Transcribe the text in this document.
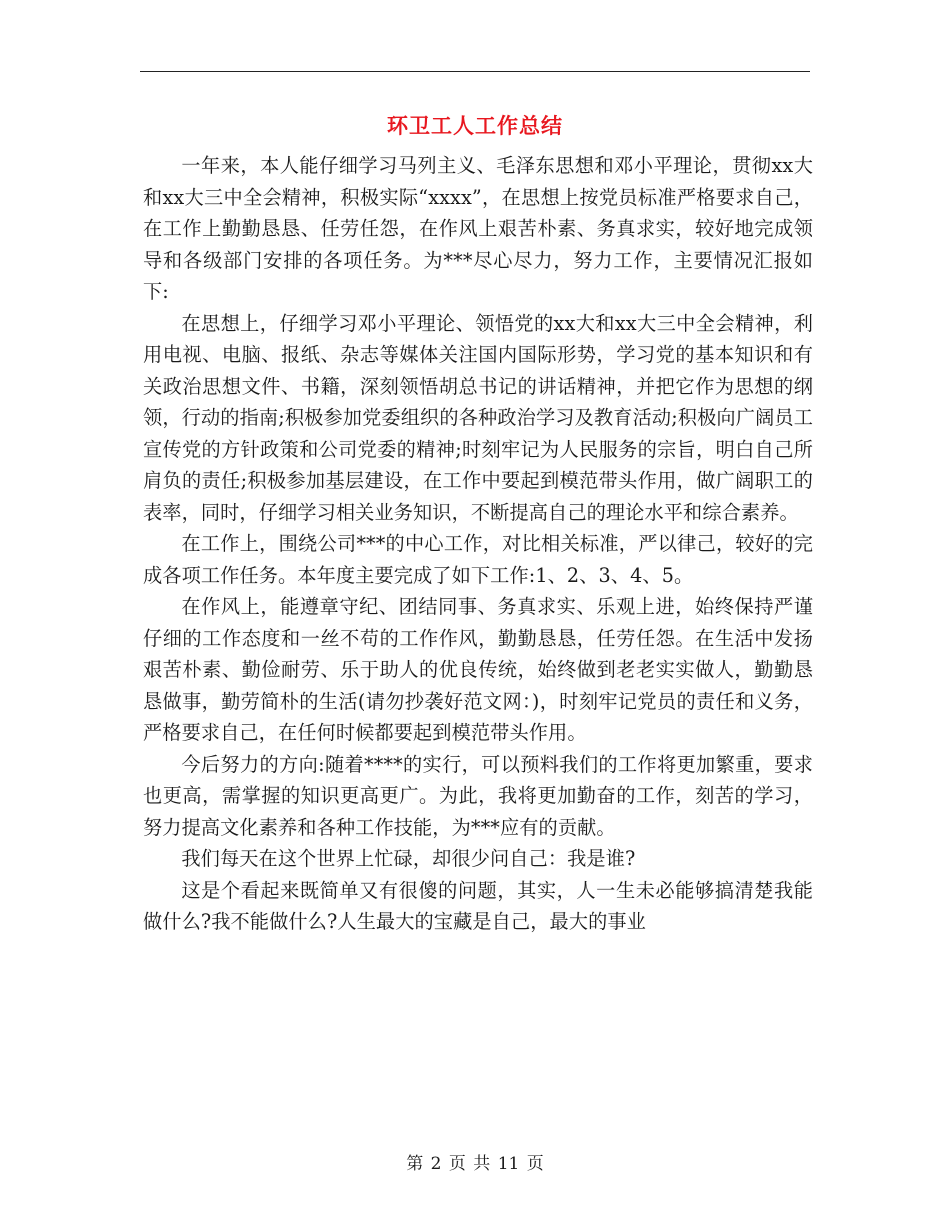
环卫工人工作总结

一年来，本人能仔细学习马列主义、毛泽东思想和邓小平理论，贯彻xx大和xx大三中全会精神，积极实际“xxxx”，在思想上按党员标准严格要求自己，在工作上勤勤恳恳、任劳任怨，在作风上艰苦朴素、务真求实，较好地完成领导和各级部门安排的各项任务。为***尽心尽力，努力工作，主要情况汇报如下:

在思想上，仔细学习邓小平理论、领悟党的xx大和xx大三中全会精神，利用电视、电脑、报纸、杂志等媒体关注国内国际形势，学习党的基本知识和有关政治思想文件、书籍，深刻领悟胡总书记的讲话精神，并把它作为思想的纲领，行动的指南;积极参加党委组织的各种政治学习及教育活动;积极向广阔员工宣传党的方针政策和公司党委的精神;时刻牢记为人民服务的宗旨，明白自己所肩负的责任;积极参加基层建设，在工作中要起到模范带头作用，做广阔职工的表率，同时，仔细学习相关业务知识，不断提高自己的理论水平和综合素养。

在工作上，围绕公司***的中心工作，对比相关标准，严以律己，较好的完成各项工作任务。本年度主要完成了如下工作:1、2、3、4、5。

在作风上，能遵章守纪、团结同事、务真求实、乐观上进，始终保持严谨仔细的工作态度和一丝不苟的工作作风，勤勤恳恳，任劳任怨。在生活中发扬艰苦朴素、勤俭耐劳、乐于助人的优良传统，始终做到老老实实做人，勤勤恳恳做事，勤劳简朴的生活(请勿抄袭好范文网：)，时刻牢记党员的责任和义务，严格要求自己，在任何时候都要起到模范带头作用。

今后努力的方向:随着****的实行，可以预料我们的工作将更加繁重，要求也更高，需掌握的知识更高更广。为此，我将更加勤奋的工作，刻苦的学习，努力提高文化素养和各种工作技能，为***应有的贡献。

我们每天在这个世界上忙碌，却很少问自己：我是谁?

这是个看起来既简单又有很傻的问题，其实，人一生未必能够搞清楚我能做什么?我不能做什么?人生最大的宝藏是自己，最大的事业

第 2 页 共 11 页
